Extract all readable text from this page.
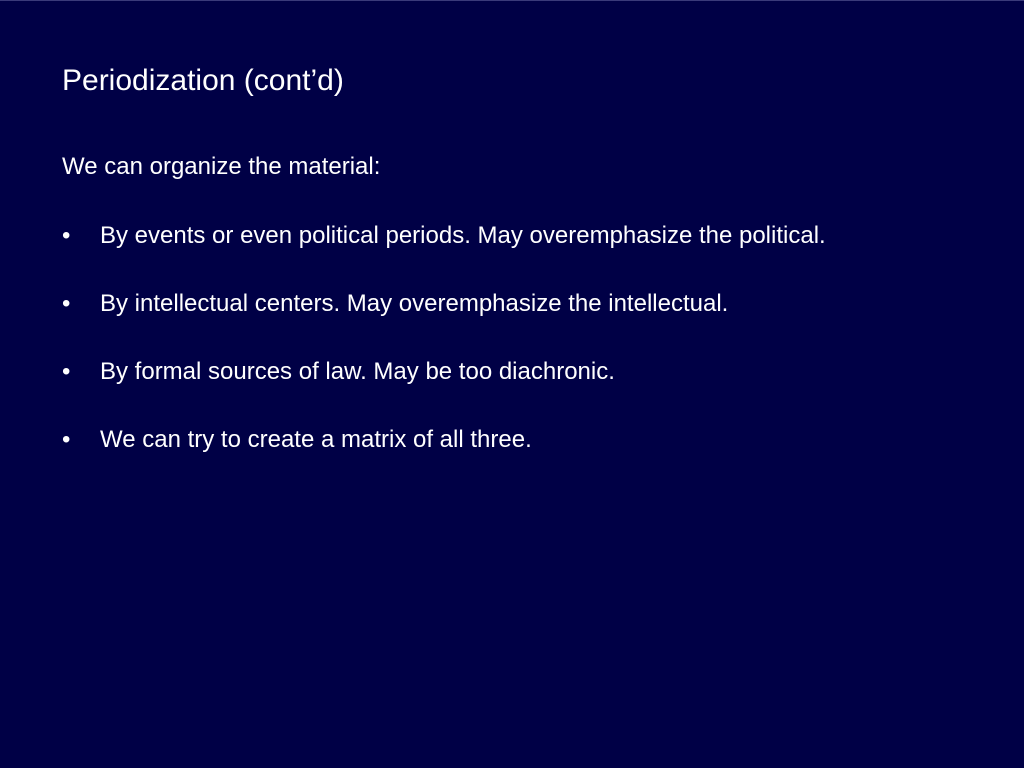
Periodization (cont’d)
We can organize the material:
• By events or even political periods. May overemphasize the political.
• By intellectual centers. May overemphasize the intellectual.
• By formal sources of law. May be too diachronic.
• We can try to create a matrix of all three.
